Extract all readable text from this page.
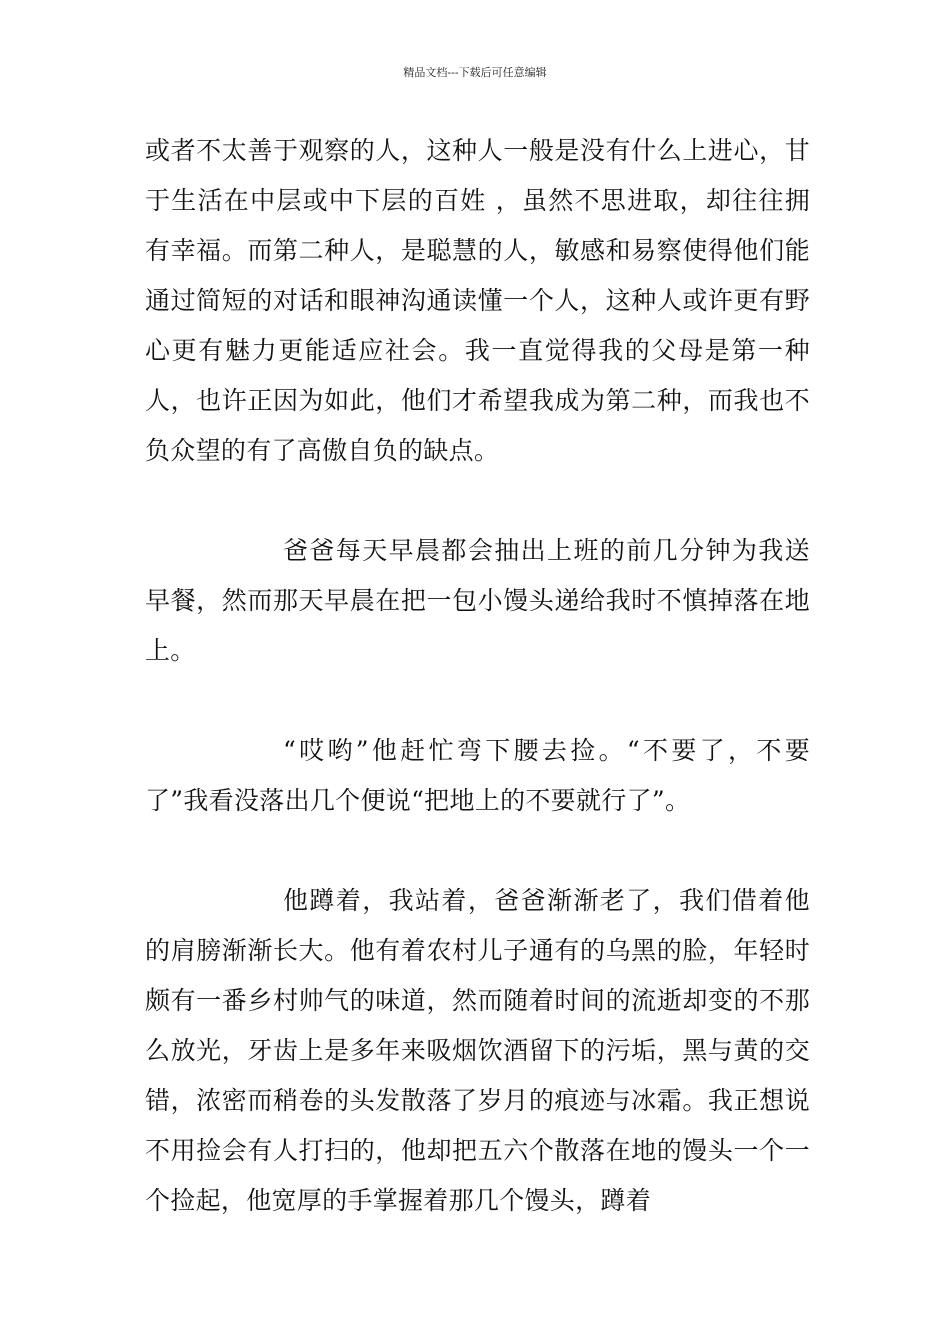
精品文档---下载后可任意编辑

或者不太善于观察的人，这种人一般是没有什么上进心，甘于生活在中层或中下层的百姓 ，虽然不思进取，却往往拥有幸福。而第二种人，是聪慧的人，敏感和易察使得他们能通过简短的对话和眼神沟通读懂一个人，这种人或许更有野心更有魅力更能适应社会。我一直觉得我的父母是第一种人，也许正因为如此，他们才希望我成为第二种，而我也不负众望的有了高傲自负的缺点。

爸爸每天早晨都会抽出上班的前几分钟为我送早餐，然而那天早晨在把一包小馒头递给我时不慎掉落在地上。

“哎哟”他赶忙弯下腰去捡。“不要了，不要了”我看没落出几个便说“把地上的不要就行了”。

他蹲着，我站着，爸爸渐渐老了，我们借着他的肩膀渐渐长大。他有着农村儿子通有的乌黑的脸，年轻时颇有一番乡村帅气的味道，然而随着时间的流逝却变的不那么放光，牙齿上是多年来吸烟饮酒留下的污垢，黑与黄的交错，浓密而稍卷的头发散落了岁月的痕迹与冰霜。我正想说不用捡会有人打扫的，他却把五六个散落在地的馒头一个一个捡起，他宽厚的手掌握着那几个馒头，蹲着
